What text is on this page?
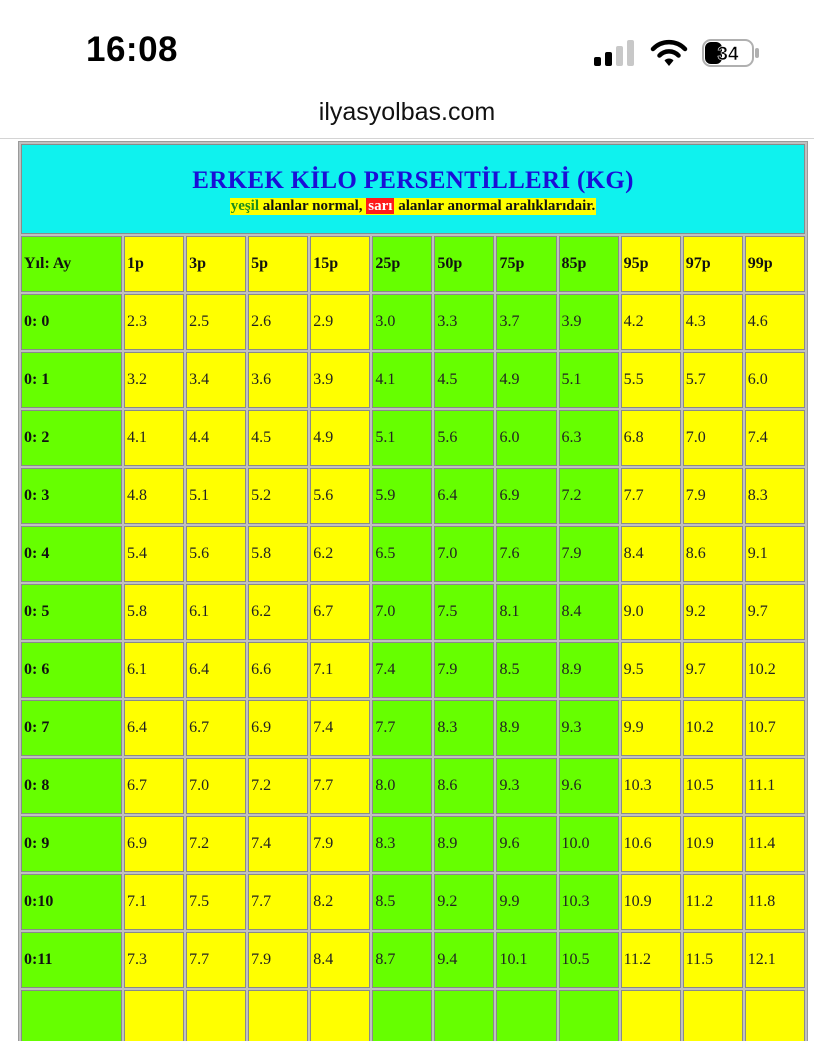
16:08	34
ilyasyolbas.com
ERKEK KİLO PERSENTİLLERİ (KG)
yeşil alanlar normal, sarı alanlar anormal aralıklarıdair.											
Yıl: Ay	1p	3p	5p	15p	25p	50p	75p	85p	95p	97p	99p
0: 0	2.3	2.5	2.6	2.9	3.0	3.3	3.7	3.9	4.2	4.3	4.6
0: 1	3.2	3.4	3.6	3.9	4.1	4.5	4.9	5.1	5.5	5.7	6.0
0: 2	4.1	4.4	4.5	4.9	5.1	5.6	6.0	6.3	6.8	7.0	7.4
0: 3	4.8	5.1	5.2	5.6	5.9	6.4	6.9	7.2	7.7	7.9	8.3
0: 4	5.4	5.6	5.8	6.2	6.5	7.0	7.6	7.9	8.4	8.6	9.1
0: 5	5.8	6.1	6.2	6.7	7.0	7.5	8.1	8.4	9.0	9.2	9.7
0: 6	6.1	6.4	6.6	7.1	7.4	7.9	8.5	8.9	9.5	9.7	10.2
0: 7	6.4	6.7	6.9	7.4	7.7	8.3	8.9	9.3	9.9	10.2	10.7
0: 8	6.7	7.0	7.2	7.7	8.0	8.6	9.3	9.6	10.3	10.5	11.1
0: 9	6.9	7.2	7.4	7.9	8.3	8.9	9.6	10.0	10.6	10.9	11.4
0:10	7.1	7.5	7.7	8.2	8.5	9.2	9.9	10.3	10.9	11.2	11.8
0:11	7.3	7.7	7.9	8.4	8.7	9.4	10.1	10.5	11.2	11.5	12.1
